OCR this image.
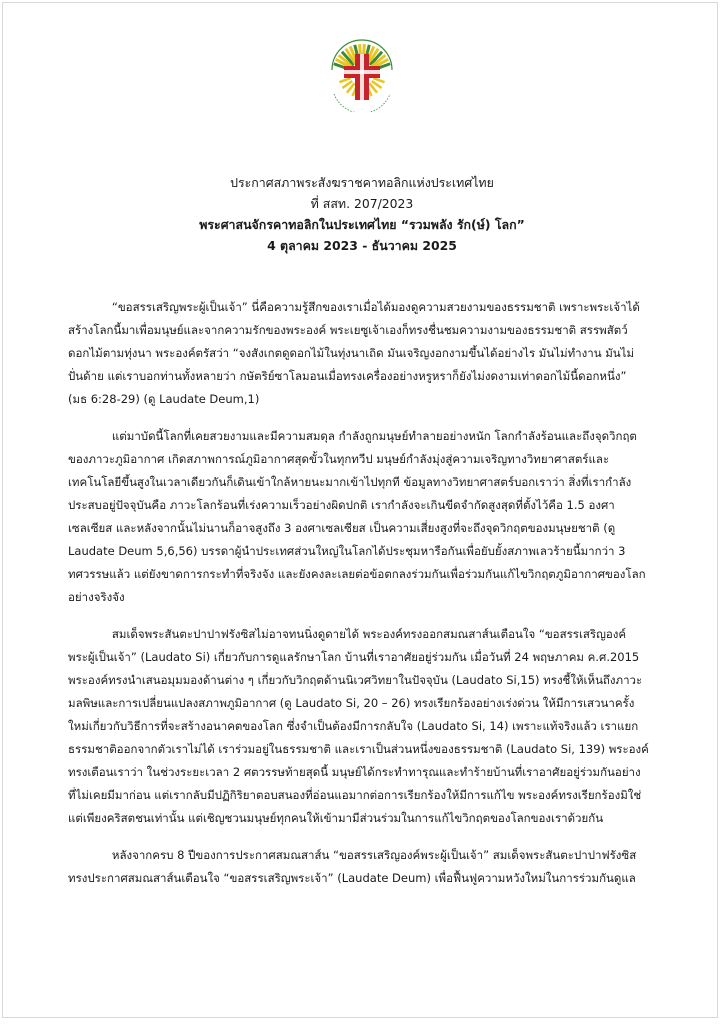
ประกาศสภาพระสังฆราชคาทอลิกแห่งประเทศไทย
ที่ สสท. 207/2023
พระศาสนจักรคาทอลิกในประเทศไทย “รวมพลัง รัก(ษ์) โลก”
4 ตุลาคม 2023 - ธันวาคม 2025
“ขอสรรเสริญพระผู้เป็นเจ้า” นี่คือความรู้สึกของเราเมื่อได้มองดูความสวยงามของธรรมชาติ เพราะพระเจ้าได้
สร้างโลกนี้มาเพื่อมนุษย์และจากความรักของพระองค์ พระเยซูเจ้าเองก็ทรงชื่นชมความงามของธรรมชาติ สรรพสัตว์
ดอกไม้ตามทุ่งนา พระองค์ตรัสว่า “จงสังเกตดูดอกไม้ในทุ่งนาเถิด มันเจริญงอกงามขึ้นได้อย่างไร มันไม่ทำงาน มันไม่
ปั่นด้าย แต่เราบอกท่านทั้งหลายว่า กษัตริย์ซาโลมอนเมื่อทรงเครื่องอย่างหรูหราก็ยังไม่งดงามเท่าดอกไม้นี้ดอกหนึ่ง”
(มธ 6:28-29) (ดู Laudate Deum,1)
แต่มาบัดนี้โลกที่เคยสวยงามและมีความสมดุล กำลังถูกมนุษย์ทำลายอย่างหนัก โลกกำลังร้อนและถึงจุดวิกฤต
ของภาวะภูมิอากาศ เกิดสภาพการณ์ภูมิอากาศสุดขั้วในทุกทวีป มนุษย์กำลังมุ่งสู่ความเจริญทางวิทยาศาสตร์และ
เทคโนโลยีขึ้นสูงในเวลาเดียวกันก็เดินเข้าใกล้หายนะมากเข้าไปทุกที ข้อมูลทางวิทยาศาสตร์บอกเราว่า สิ่งที่เรากำลัง
ประสบอยู่ปัจจุบันคือ ภาวะโลกร้อนที่เร่งความเร็วอย่างผิดปกติ เรากำลังจะเกินขีดจำกัดสูงสุดที่ตั้งไว้คือ 1.5 องศา
เซลเซียส และหลังจากนั้นไม่นานก็อาจสูงถึง 3 องศาเซลเซียส เป็นความเสี่ยงสูงที่จะถึงจุดวิกฤตของมนุษยชาติ (ดู
Laudate Deum 5,6,56) บรรดาผู้นำประเทศส่วนใหญ่ในโลกได้ประชุมหารือกันเพื่อยับยั้งสภาพเลวร้ายนี้มากว่า 3
ทศวรรษแล้ว แต่ยังขาดการกระทำที่จริงจัง และยังคงละเลยต่อข้อตกลงร่วมกันเพื่อร่วมกันแก้ไขวิกฤตภูมิอากาศของโลก
อย่างจริงจัง
สมเด็จพระสันตะปาปาฟรังซิสไม่อาจทนนิ่งดูดายได้ พระองค์ทรงออกสมณสาส์นเตือนใจ “ขอสรรเสริญองค์
พระผู้เป็นเจ้า” (Laudato Si) เกี่ยวกับการดูแลรักษาโลก บ้านที่เราอาศัยอยู่ร่วมกัน เมื่อวันที่ 24 พฤษภาคม ค.ศ.2015
พระองค์ทรงนำเสนอมุมมองด้านต่าง ๆ เกี่ยวกับวิกฤตด้านนิเวศวิทยาในปัจจุบัน (Laudato Si,15) ทรงชี้ให้เห็นถึงภาวะ
มลพิษและการเปลี่ยนแปลงสภาพภูมิอากาศ (ดู Laudato Si, 20 – 26) ทรงเรียกร้องอย่างเร่งด่วน ให้มีการเสวนาครั้ง
ใหม่เกี่ยวกับวิธีการที่จะสร้างอนาคตของโลก ซึ่งจำเป็นต้องมีการกลับใจ (Laudato Si, 14) เพราะแท้จริงแล้ว เราแยก
ธรรมชาติออกจากตัวเราไม่ได้ เราร่วมอยู่ในธรรมชาติ และเราเป็นส่วนหนึ่งของธรรมชาติ (Laudato Si, 139) พระองค์
ทรงเตือนเราว่า ในช่วงระยะเวลา 2 ศตวรรษท้ายสุดนี้ มนุษย์ได้กระทำทารุณและทำร้ายบ้านที่เราอาศัยอยู่ร่วมกันอย่าง
ที่ไม่เคยมีมาก่อน แต่เรากลับมีปฏิกิริยาตอบสนองที่อ่อนแอมากต่อการเรียกร้องให้มีการแก้ไข พระองค์ทรงเรียกร้องมิใช่
แต่เพียงคริสตชนเท่านั้น แต่เชิญชวนมนุษย์ทุกคนให้เข้ามามีส่วนร่วมในการแก้ไขวิกฤตของโลกของเราด้วยกัน
หลังจากครบ 8 ปีของการประกาศสมณสาส์น “ขอสรรเสริญองค์พระผู้เป็นเจ้า” สมเด็จพระสันตะปาปาฟรังซิส
ทรงประกาศสมณสาส์นเตือนใจ “ขอสรรเสริญพระเจ้า” (Laudate Deum) เพื่อฟื้นฟูความหวังใหม่ในการร่วมกันดูแล
